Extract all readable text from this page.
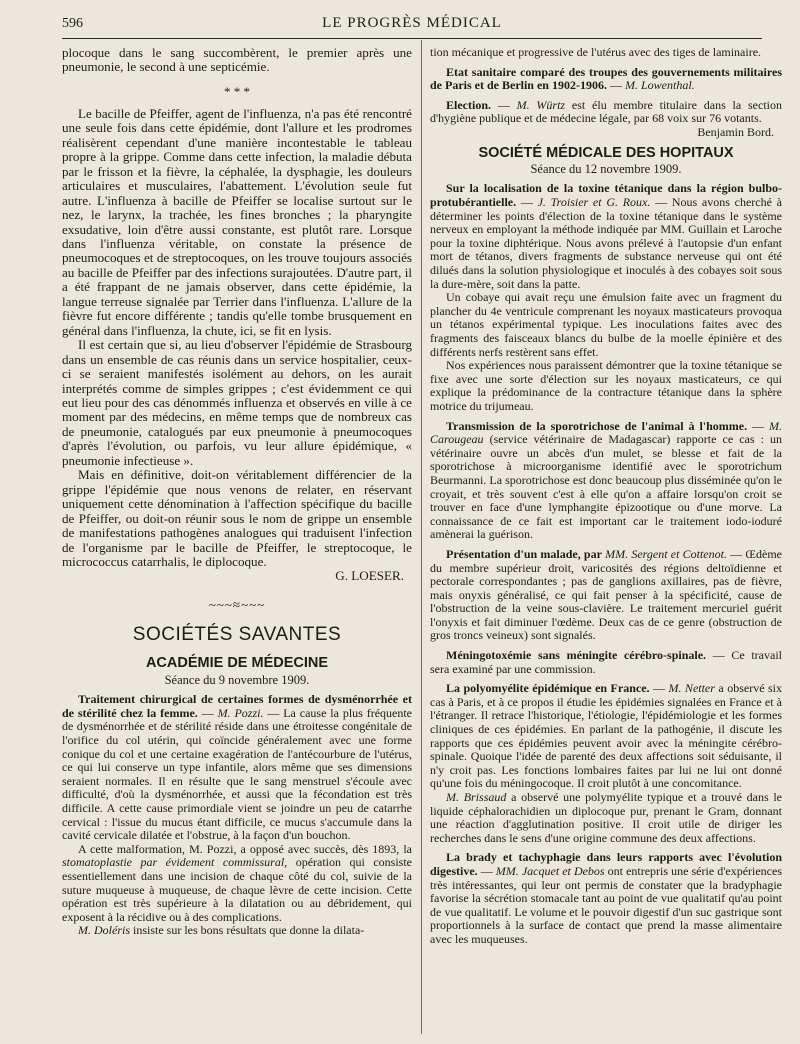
596	LE PROGRÈS MÉDICAL

plocoque dans le sang succombèrent, le premier après une pneumonie, le second à une septicémie.

* * *

Le bacille de Pfeiffer, agent de l'influenza, n'a pas été rencontré une seule fois dans cette épidémie, dont l'allure et les prodromes réalisèrent cependant d'une manière incontestable le tableau propre à la grippe. Comme dans cette infection, la maladie débuta par le frisson et la fièvre, la céphalée, la dysphagie, les douleurs articulaires et musculaires, l'abattement. L'évolution seule fut autre. L'influenza à bacille de Pfeiffer se localise surtout sur le nez, le larynx, la trachée, les fines bronches ; la pharyngite exsudative, loin d'être aussi constante, est plutôt rare. Lorsque dans l'influenza véritable, on constate la présence de pneumocoques et de streptocoques, on les trouve toujours associés au bacille de Pfeiffer par des infections surajoutées. D'autre part, il a été frappant de ne jamais observer, dans cette épidémie, la langue terreuse signalée par Terrier dans l'influenza. L'allure de la fièvre fut encore différente ; tandis qu'elle tombe brusquement en général dans l'influenza, la chute, ici, se fit en lysis.

Il est certain que si, au lieu d'observer l'épidémie de Strasbourg dans un ensemble de cas réunis dans un service hospitalier, ceux-ci se seraient manifestés isolément au dehors, on les aurait interprétés comme de simples grippes ; c'est évidemment ce qui eut lieu pour des cas dénommés influenza et observés en ville à ce moment par des médecins, en même temps que de nombreux cas de pneumonie, catalogués par eux pneumonie à pneumocoques d'après l'évolution, ou parfois, vu leur allure épidémique, « pneumonie infectieuse ».

Mais en définitive, doit-on véritablement différencier de la grippe l'épidémie que nous venons de relater, en réservant uniquement cette dénomination à l'affection spécifique du bacille de Pfeiffer, ou doit-on réunir sous le nom de grippe un ensemble de manifestations pathogènes analogues qui traduisent l'infection de l'organisme par le bacille de Pfeiffer, le streptocoque, le micrococcus catarrhalis, le diplocoque.

G. LOESER.

~~~≈~~~
SOCIÉTÉS SAVANTES
ACADÉMIE DE MÉDECINE
Séance du 9 novembre 1909.

Traitement chirurgical de certaines formes de dysménorrhée et de stérilité chez la femme. — M. Pozzi. — La cause la plus fréquente de dysménorrhée et de stérilité réside dans une étroitesse congénitale de l'orifice du col utérin, qui coïncide généralement avec une forme conique du col et une certaine exagération de l'antécourbure de l'utérus, ce qui lui conserve un type infantile, alors même que ses dimensions seraient normales. Il en résulte que le sang menstruel s'écoule avec difficulté, d'où la dysménorrhée, et aussi que la fécondation est très difficile. A cette cause primordiale vient se joindre un peu de catarrhe cervical : l'issue du mucus étant difficile, ce mucus s'accumule dans la cavité cervicale dilatée et l'obstrue, à la façon d'un bouchon.

A cette malformation, M. Pozzi, a opposé avec succès, dès 1893, la stomatoplastie par évidement commissural, opération qui consiste essentiellement dans une incision de chaque côté du col, suivie de la suture muqueuse à muqueuse, de chaque lèvre de cette incision. Cette opération est très supérieure à la dilatation ou au débridement, qui exposent à la récidive ou à des complications.

M. Doléris insiste sur les bons résultats que donne la dilata-

tion mécanique et progressive de l'utérus avec des tiges de laminaire.

Etat sanitaire comparé des troupes des gouvernements militaires de Paris et de Berlin en 1902-1906. — M. Lowenthal.

Election. — M. Würtz est élu membre titulaire dans la section d'hygiène publique et de médecine légale, par 68 voix sur 76 votants.

Benjamin Bord.

SOCIÉTÉ MÉDICALE DES HOPITAUX
Séance du 12 novembre 1909.

Sur la localisation de la toxine tétanique dans la région bulbo-protubérantielle. — J. Troisier et G. Roux. — Nous avons cherché à déterminer les points d'élection de la toxine tétanique dans le système nerveux en employant la méthode indiquée par MM. Guillain et Laroche pour la toxine diphtérique. Nous avons prélevé à l'autopsie d'un enfant mort de tétanos, divers fragments de substance nerveuse qui ont été dilués dans la solution physiologique et inoculés à des cobayes soit sous la dure-mère, soit dans la patte.

Un cobaye qui avait reçu une émulsion faite avec un fragment du plancher du 4e ventricule comprenant les noyaux masticateurs provoqua un tétanos expérimental typique. Les inoculations faites avec des fragments des faisceaux blancs du bulbe de la moelle épinière et des différents nerfs restèrent sans effet.

Nos expériences nous paraissent démontrer que la toxine tétanique se fixe avec une sorte d'élection sur les noyaux masticateurs, ce qui explique la prédominance de la contracture tétanique dans la sphère motrice du trijumeau.

Transmission de la sporotrichose de l'animal à l'homme. — M. Carougeau (service vétérinaire de Madagascar) rapporte ce cas : un vétérinaire ouvre un abcès d'un mulet, se blesse et fait de la sporotrichose à microorganisme identifié avec le sporotrichum Beurmanni. La sporotrichose est donc beaucoup plus disséminée qu'on le croyait, et très souvent c'est à elle qu'on a affaire lorsqu'on croit se trouver en face d'une lymphangite épizootique ou d'une morve. La connaissance de ce fait est important car le traitement iodo-ioduré amènerai la guérison.

Présentation d'un malade, par MM. Sergent et Cottenot. — Œdème du membre supérieur droit, varicosités des régions deltoïdienne et pectorale correspondantes ; pas de ganglions axillaires, pas de fièvre, mais onyxis généralisé, ce qui fait penser à la spécificité, cause de l'obstruction de la veine sous-clavière. Le traitement mercuriel guérit l'onyxis et fait diminuer l'œdème. Deux cas de ce genre (obstruction de gros troncs veineux) sont signalés.

Méningotoxémie sans méningite cérébro-spinale. — Ce travail sera examiné par une commission.

La polyomyélite épidémique en France. — M. Netter a observé six cas à Paris, et à ce propos il étudie les épidémies signalées en France et à l'étranger. Il retrace l'historique, l'étiologie, l'épidémiologie et les formes cliniques de ces épidémies. En parlant de la pathogénie, il discute les rapports que ces épidémies peuvent avoir avec la méningite cérébro-spinale. Quoique l'idée de parenté des deux affections soit séduisante, il n'y croit pas. Les fonctions lombaires faites par lui ne lui ont donné qu'une fois du méningocoque. Il croit plutôt à une concomitance.

M. Brissaud a observé une polymyélite typique et a trouvé dans le liquide céphalorachidien un diplocoque pur, prenant le Gram, donnant une réaction d'agglutination positive. Il croit utile de diriger les recherches dans le sens d'une origine commune des deux affections.

La brady et tachyphagie dans leurs rapports avec l'évolution digestive. — MM. Jacquet et Debos ont entrepris une série d'expériences très intéressantes, qui leur ont permis de constater que la bradyphagie favorise la sécrétion stomacale tant au point de vue qualitatif qu'au point de vue qualitatif. Le volume et le pouvoir digestif d'un suc gastrique sont proportionnels à la surface de contact que prend la masse alimentaire avec les muqueuses.
